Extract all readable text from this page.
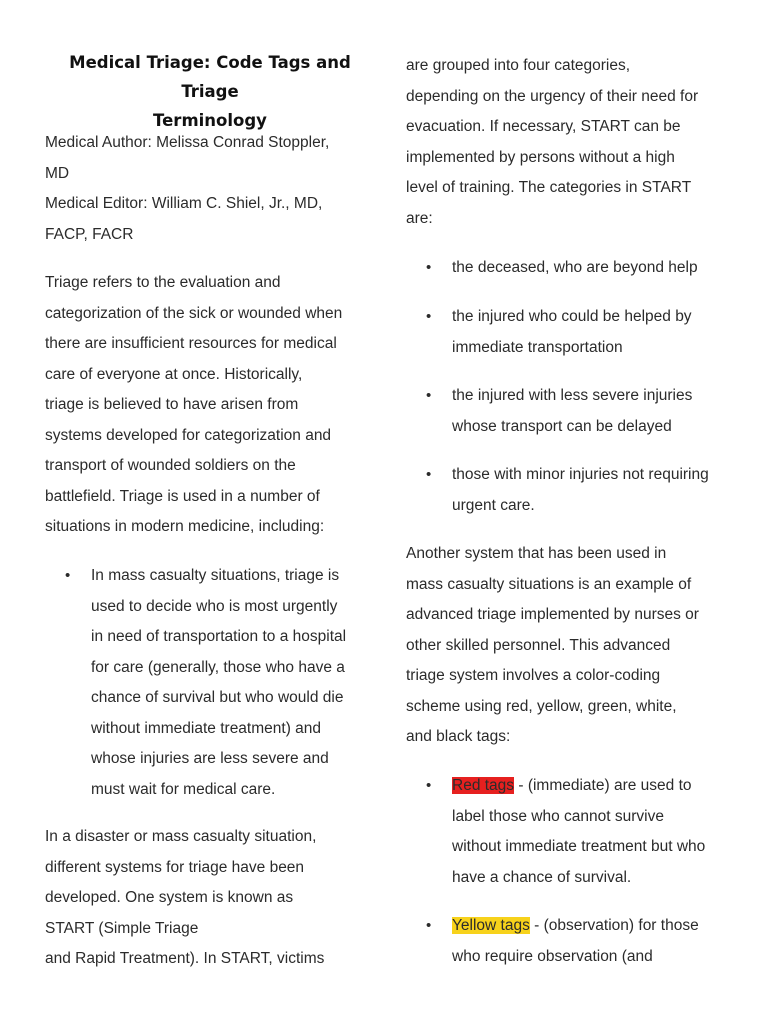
Medical Triage: Code Tags and Triage
Terminology

Medical Author: Melissa Conrad Stoppler,

MD

Medical Editor: William C. Shiel, Jr., MD,

FACP, FACR

Triage refers to the evaluation and

categorization of the sick or wounded when

there are insufficient resources for medical

care of everyone at once. Historically,

triage is believed to have arisen from

systems developed for categorization and

transport of wounded soldiers on the

battlefield. Triage is used in a number of

situations in modern medicine, including:

• In mass casualty situations, triage is

used to decide who is most urgently

in need of transportation to a hospital

for care (generally, those who have a

chance of survival but who would die

without immediate treatment) and

whose injuries are less severe and

must wait for medical care.

In a disaster or mass casualty situation,

different systems for triage have been

developed. One system is known as

START (Simple Triage

and Rapid Treatment). In START, victims

are grouped into four categories,

depending on the urgency of their need for

evacuation. If necessary, START can be

implemented by persons without a high

level of training. The categories in START

are:

• the deceased, who are beyond help

• the injured who could be helped by

immediate transportation

• the injured with less severe injuries

whose transport can be delayed

• those with minor injuries not requiring

urgent care.

Another system that has been used in

mass casualty situations is an example of

advanced triage implemented by nurses or

other skilled personnel. This advanced

triage system involves a color-coding

scheme using red, yellow, green, white,

and black tags:

• Red tags - (immediate) are used to

label those who cannot survive

without immediate treatment but who

have a chance of survival.

• Yellow tags - (observation) for those

who require observation (and
